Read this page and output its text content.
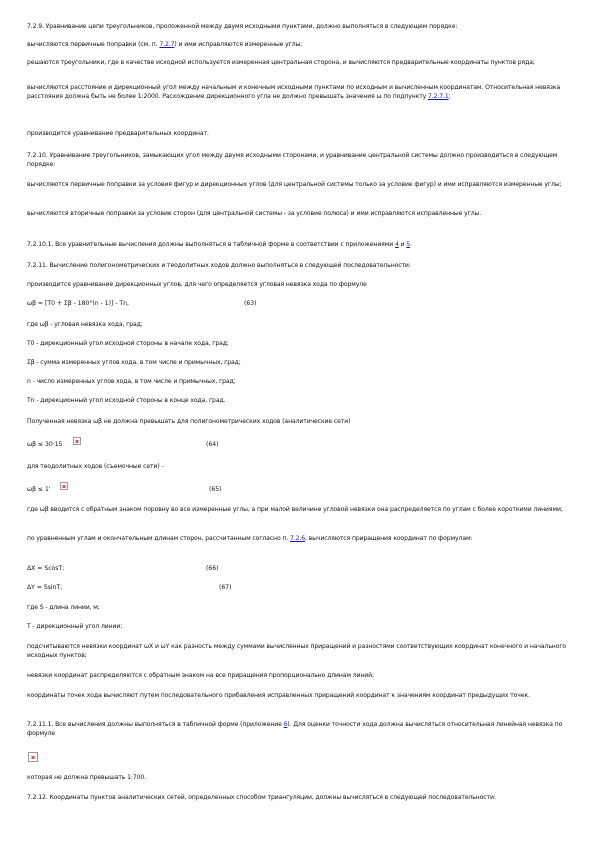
7.2.9. Уравнивание цепи треугольников, проложенной между двумя исходными пунктами, должно выполняться в следующем порядке:

вычисляются первичные поправки (см. п. 7.2.7) и ими исправляются измеренные углы;

решаются треугольники, где в качестве исходной используется измеренная центральная сторона, и вычисляются предварительные координаты пунктов ряда;

вычисляются расстояние и дирекционный угол между начальным и конечным исходными пунктами по исходным и вычисленным координатам. Относительная невязка расстояния должна быть не более 1:2000. Расхождение дирекционного угла не должно превышать значения ω по подпункту 7.2.7.1;

производится уравнивание предварительных координат.

7.2.10. Уравнивание треугольников, замыкающих угол между двумя исходными сторонами, и уравнивание центральной системы должно производиться в следующем порядке:

вычисляются первичные поправки за условия фигур и дирекционных углов (для центральной системы только за условие фигур) и ими исправляются измеренные углы;

вычисляются вторичные поправки за условие сторон (для центральной системы - за условие полюса) и ими исправляются исправленные углы.

7.2.10.1. Все уравнительные вычисления должны выполняться в табличной форме в соответствии с приложениями 4 и 5.

7.2.11. Вычисление полигонометрических и теодолитных ходов должно выполняться в следующей последовательности:

производится уравнивание дирекционных углов, для чего определяется угловая невязка хода по формуле

ωβ = [T0 + Σβ - 180°(n - 1)] - Tn,	(63)

где ωβ - угловая невязка хода, град;

T0 - дирекционный угол исходной стороны в начале хода, град;

Σβ - сумма измеренных углов хода, в том числе и примычных, град;

n - число измеренных углов хода, в том числе и примычных, град;

Tn - дирекционный угол исходной стороны в конце хода, град.

Полученная невязка ωβ не должна превышать для полигонометрических ходов (аналитические сети)

ωβ ≤ 30·15	(64)

для теодолитных ходов (съемочные сети) -

ωβ ≤ 1'	(65)

где ωβ вводится с обратным знаком поровну во все измеренные углы, а при малой величине угловой невязки она распределяется по углам с более короткими линиями;

по уравненным углам и окончательным длинам сторон, рассчитанным согласно п. 7.2.6, вычисляются приращения координат по формулам:

ΔX = ScosT;	(66)
ΔY = SsinT,	(67)

где S - длина линии, м;

T - дирекционный угол линии;

подсчитываются невязки координат ωX и ωY как разность между суммами вычисленных приращений и разностями соответствующих координат конечного и начального исходных пунктов;

невязки координат распределяются с обратным знаком на все приращения пропорционально длинам линий;

координаты точек хода вычисляют путем последовательного прибавления исправленных приращений координат к значениям координат предыдущих точек.

7.2.11.1. Все вычисления должны выполняться в табличной форме (приложение 6). Для оценки точности хода должна вычисляться относительная линейная невязка по формуле

которая не должна превышать 1:700.

7.2.12. Координаты пунктов аналитических сетей, определенных способом триангуляции, должны вычисляться в следующей последовательности:
